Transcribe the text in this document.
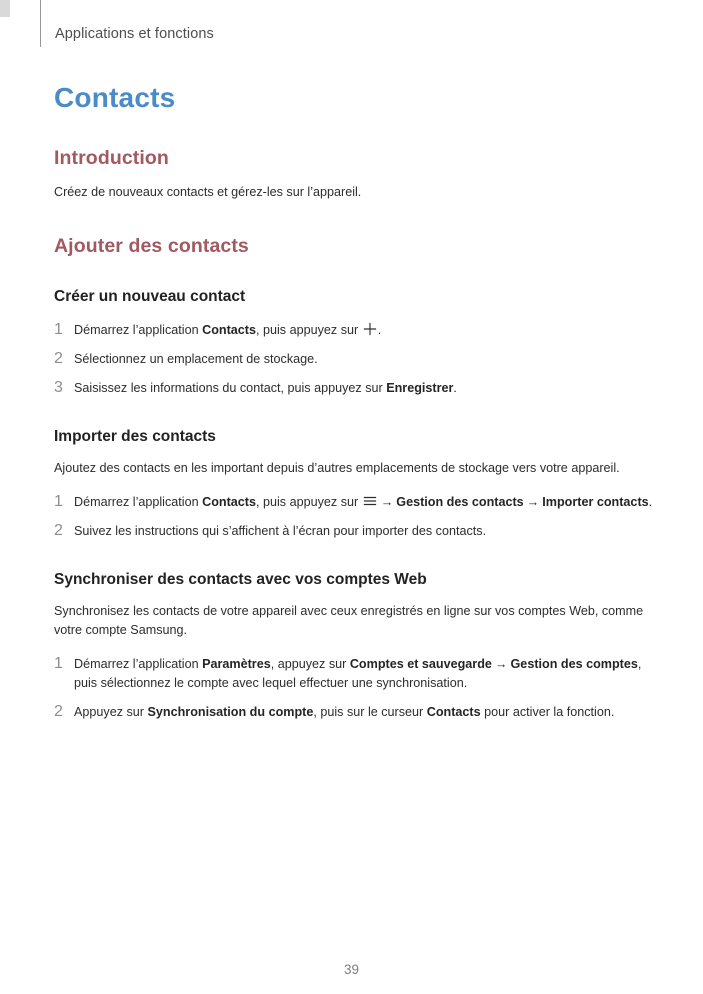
Applications et fonctions
Contacts
Introduction

Créez de nouveaux contacts et gérez-les sur l’appareil.

Ajouter des contacts
Créer un nouveau contact
1 Démarrez l’application Contacts, puis appuyez sur
.
2 Sélectionnez un emplacement de stockage.
3 Saisissez les informations du contact, puis appuyez sur Enregistrer.
Importer des contacts

Ajoutez des contacts en les important depuis d’autres emplacements de stockage vers votre appareil.

1 Démarrez l’application Contacts, puis appuyez sur
→ Gestion des contacts → Importer contacts.
2 Suivez les instructions qui s’affichent à l’écran pour importer des contacts.
Synchroniser des contacts avec vos comptes Web

Synchronisez les contacts de votre appareil avec ceux enregistrés en ligne sur vos comptes Web, comme votre compte Samsung.

1 Démarrez l’application Paramètres, appuyez sur Comptes et sauvegarde → Gestion des comptes, puis sélectionnez le compte avec lequel effectuer une synchronisation.
2 Appuyez sur Synchronisation du compte, puis sur le curseur Contacts pour activer la fonction.
39
